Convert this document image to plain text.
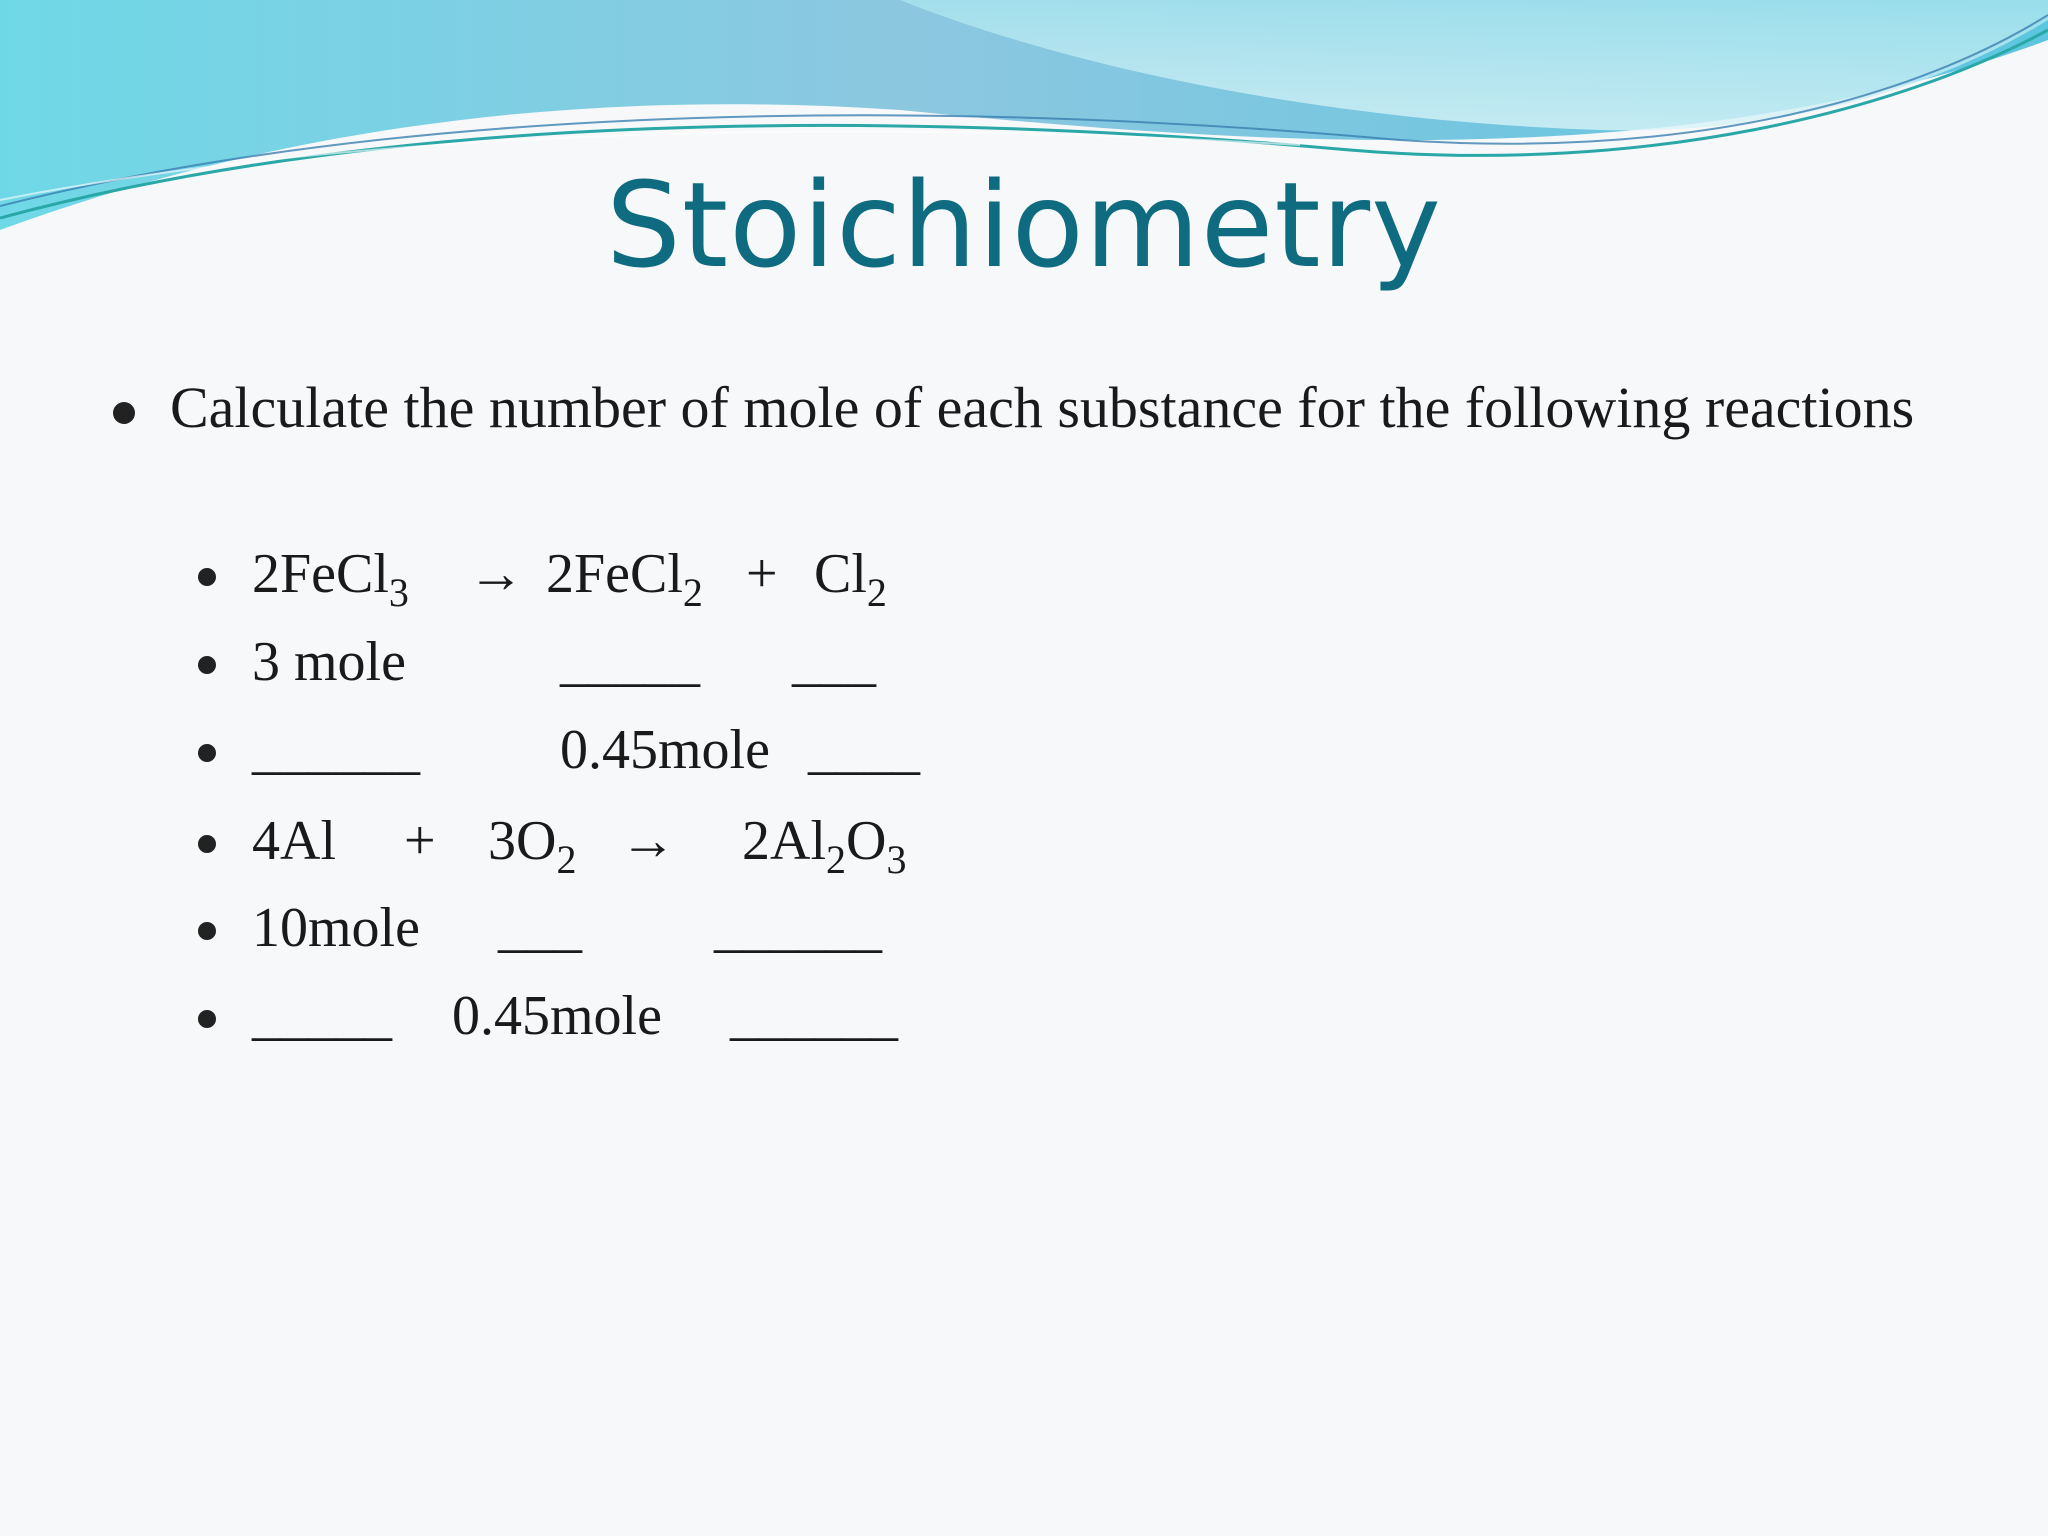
Stoichiometry
Calculate the number of mole of each substance for the following reactions
2FeCl$_3$ → 2FeCl$_2$ + $Cl_2$
3 mole	_____ ___
______	0.45mole ____
$4Al + 3O_2 \to 2Al_2O_3$
10mole ___ ______
_____ 0.45mole ______
